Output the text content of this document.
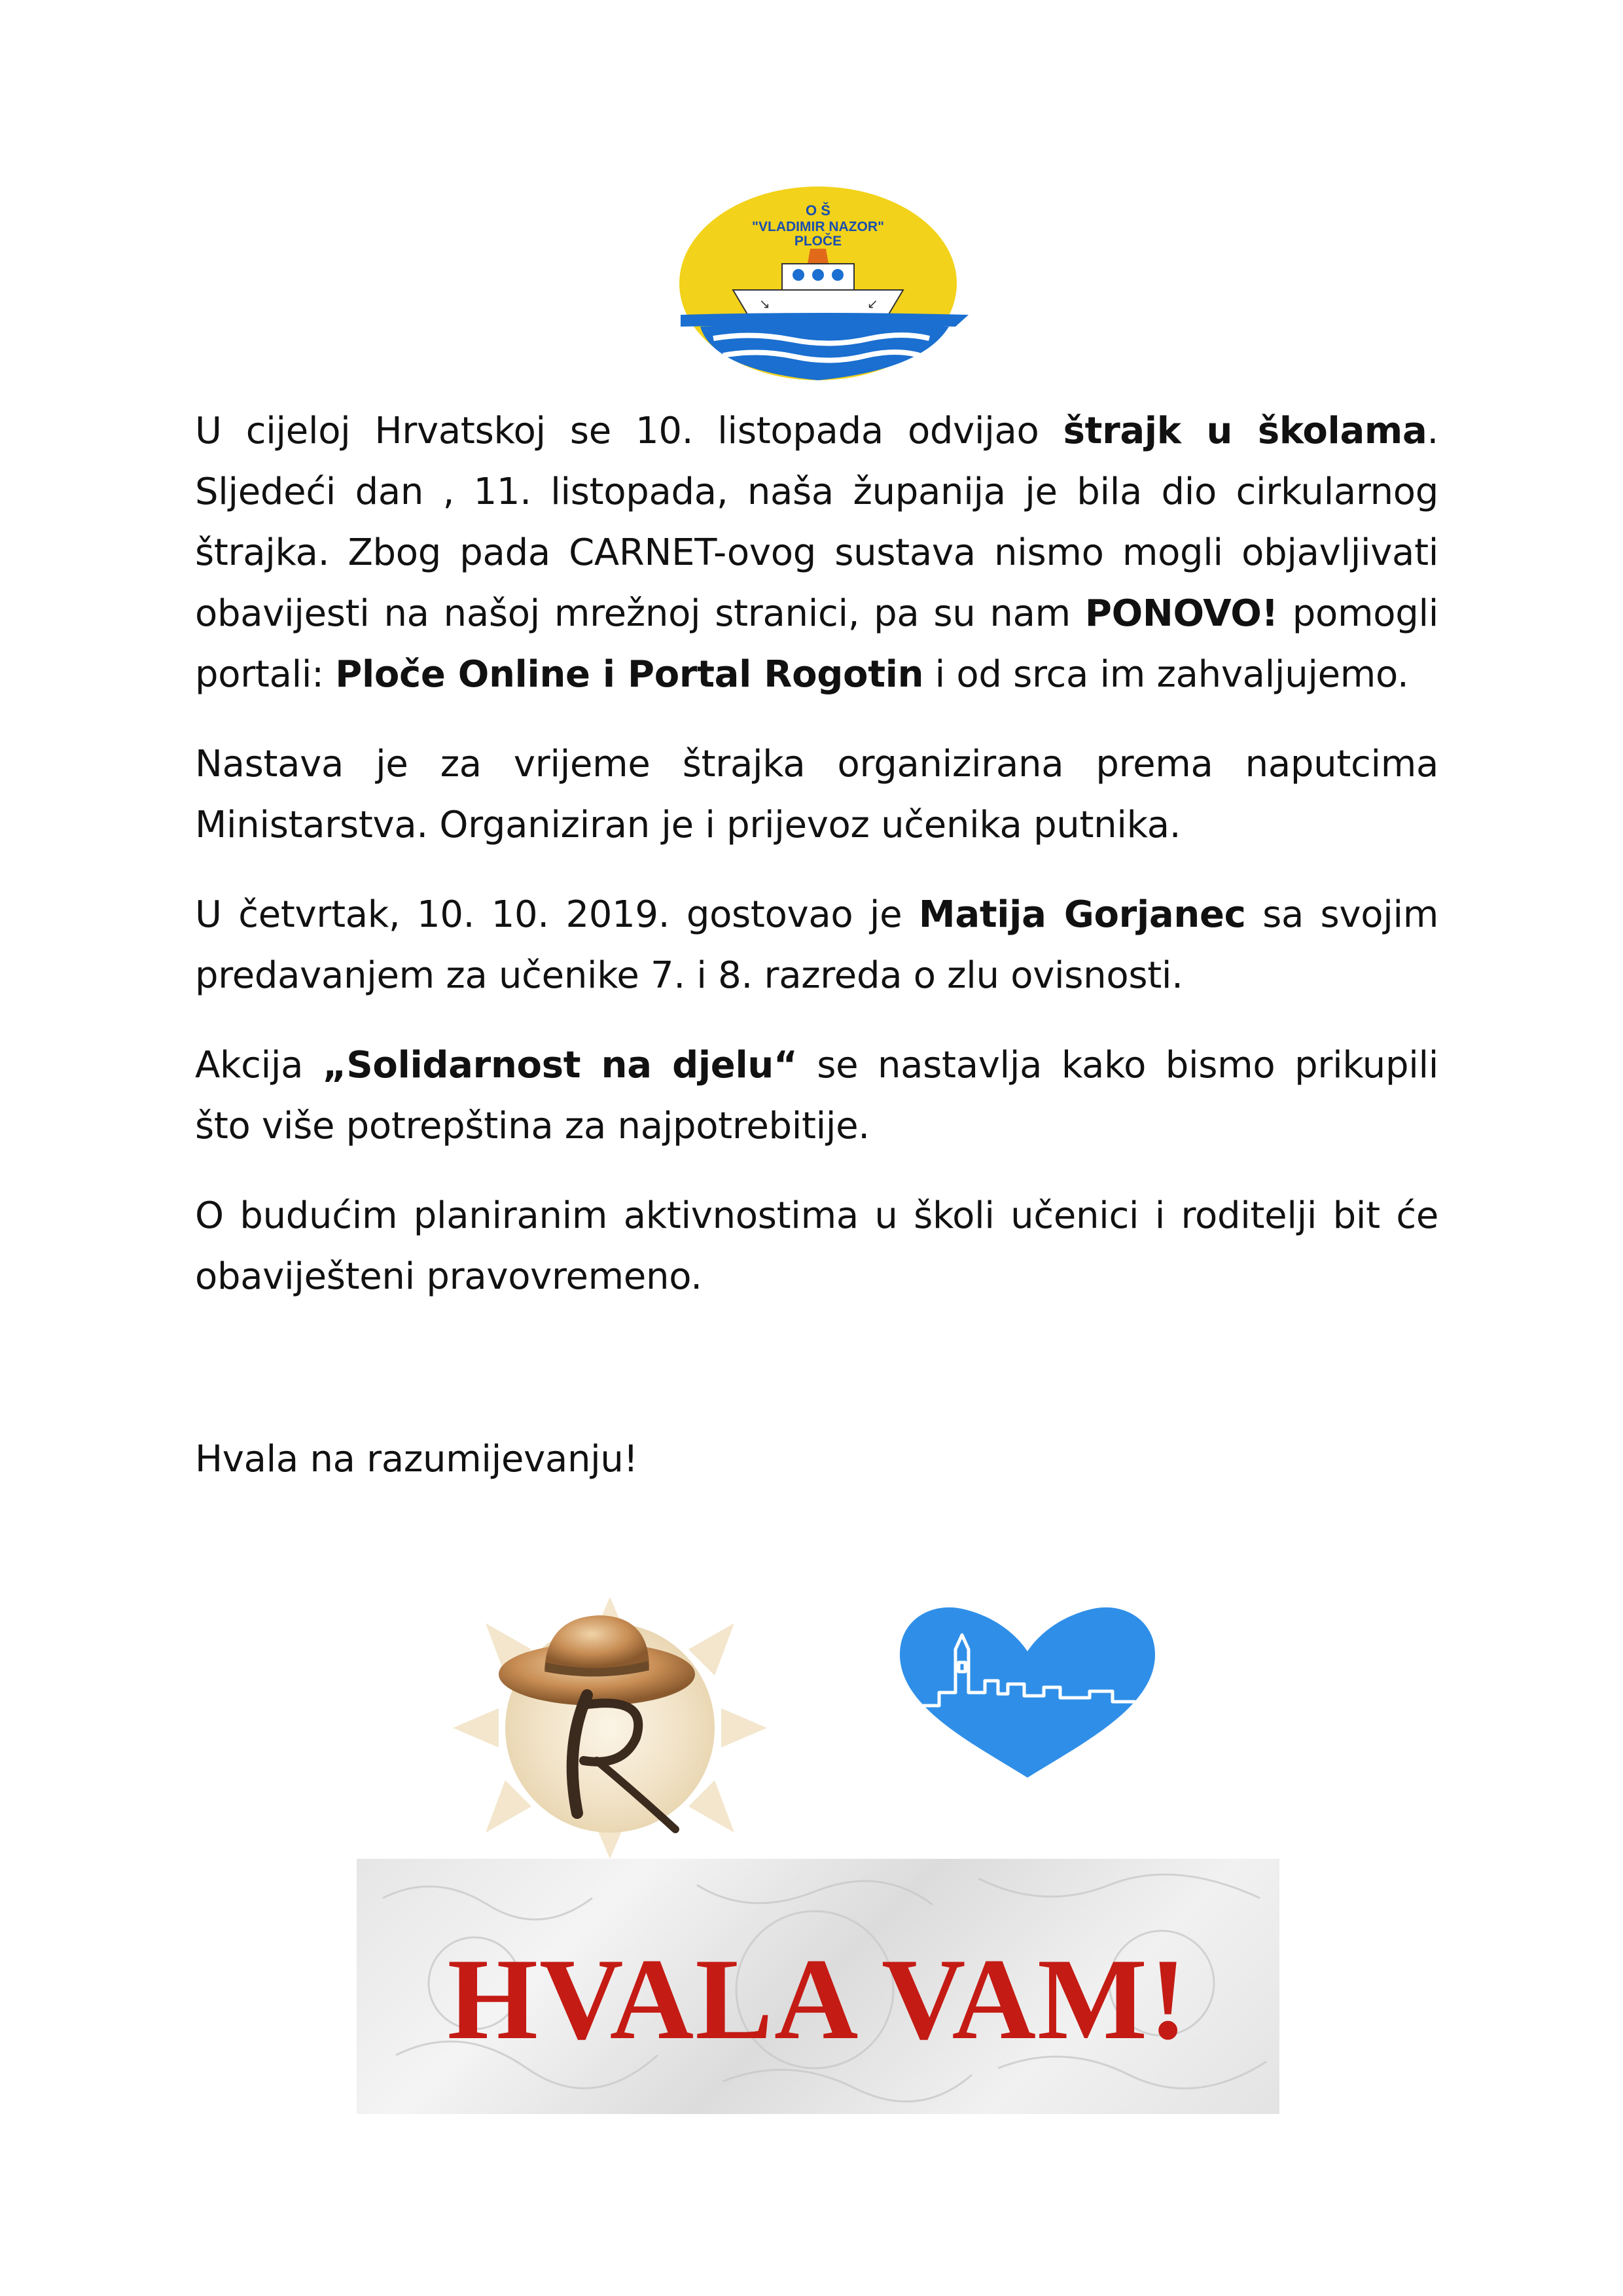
O Š
"VLADIMIR NAZOR"
PLOČE
↘	↙

U cijeloj Hrvatskoj se 10. listopada odvijao štrajk u školama. Sljedeći dan , 11. listopada, naša županija je bila dio cirkularnog štrajka. Zbog pada CARNET-ovog sustava nismo mogli objavljivati obavijesti na našoj mrežnoj stranici, pa su nam PONOVO! pomogli portali: Ploče Online i Portal Rogotin i od srca im zahvaljujemo.

Nastava je za vrijeme štrajka organizirana prema naputcima Ministarstva. Organiziran je i prijevoz učenika putnika.

U četvrtak, 10. 10. 2019. gostovao je Matija Gorjanec sa svojim predavanjem za učenike 7. i 8. razreda o zlu ovisnosti.

Akcija „Solidarnost na djelu“ se nastavlja kako bismo prikupili što više potrepština za najpotrebitije.

O budućim planiranim aktivnostima u školi učenici i roditelji bit će obaviješteni pravovremeno.

Hvala na razumijevanju!

HVALA VAM!
